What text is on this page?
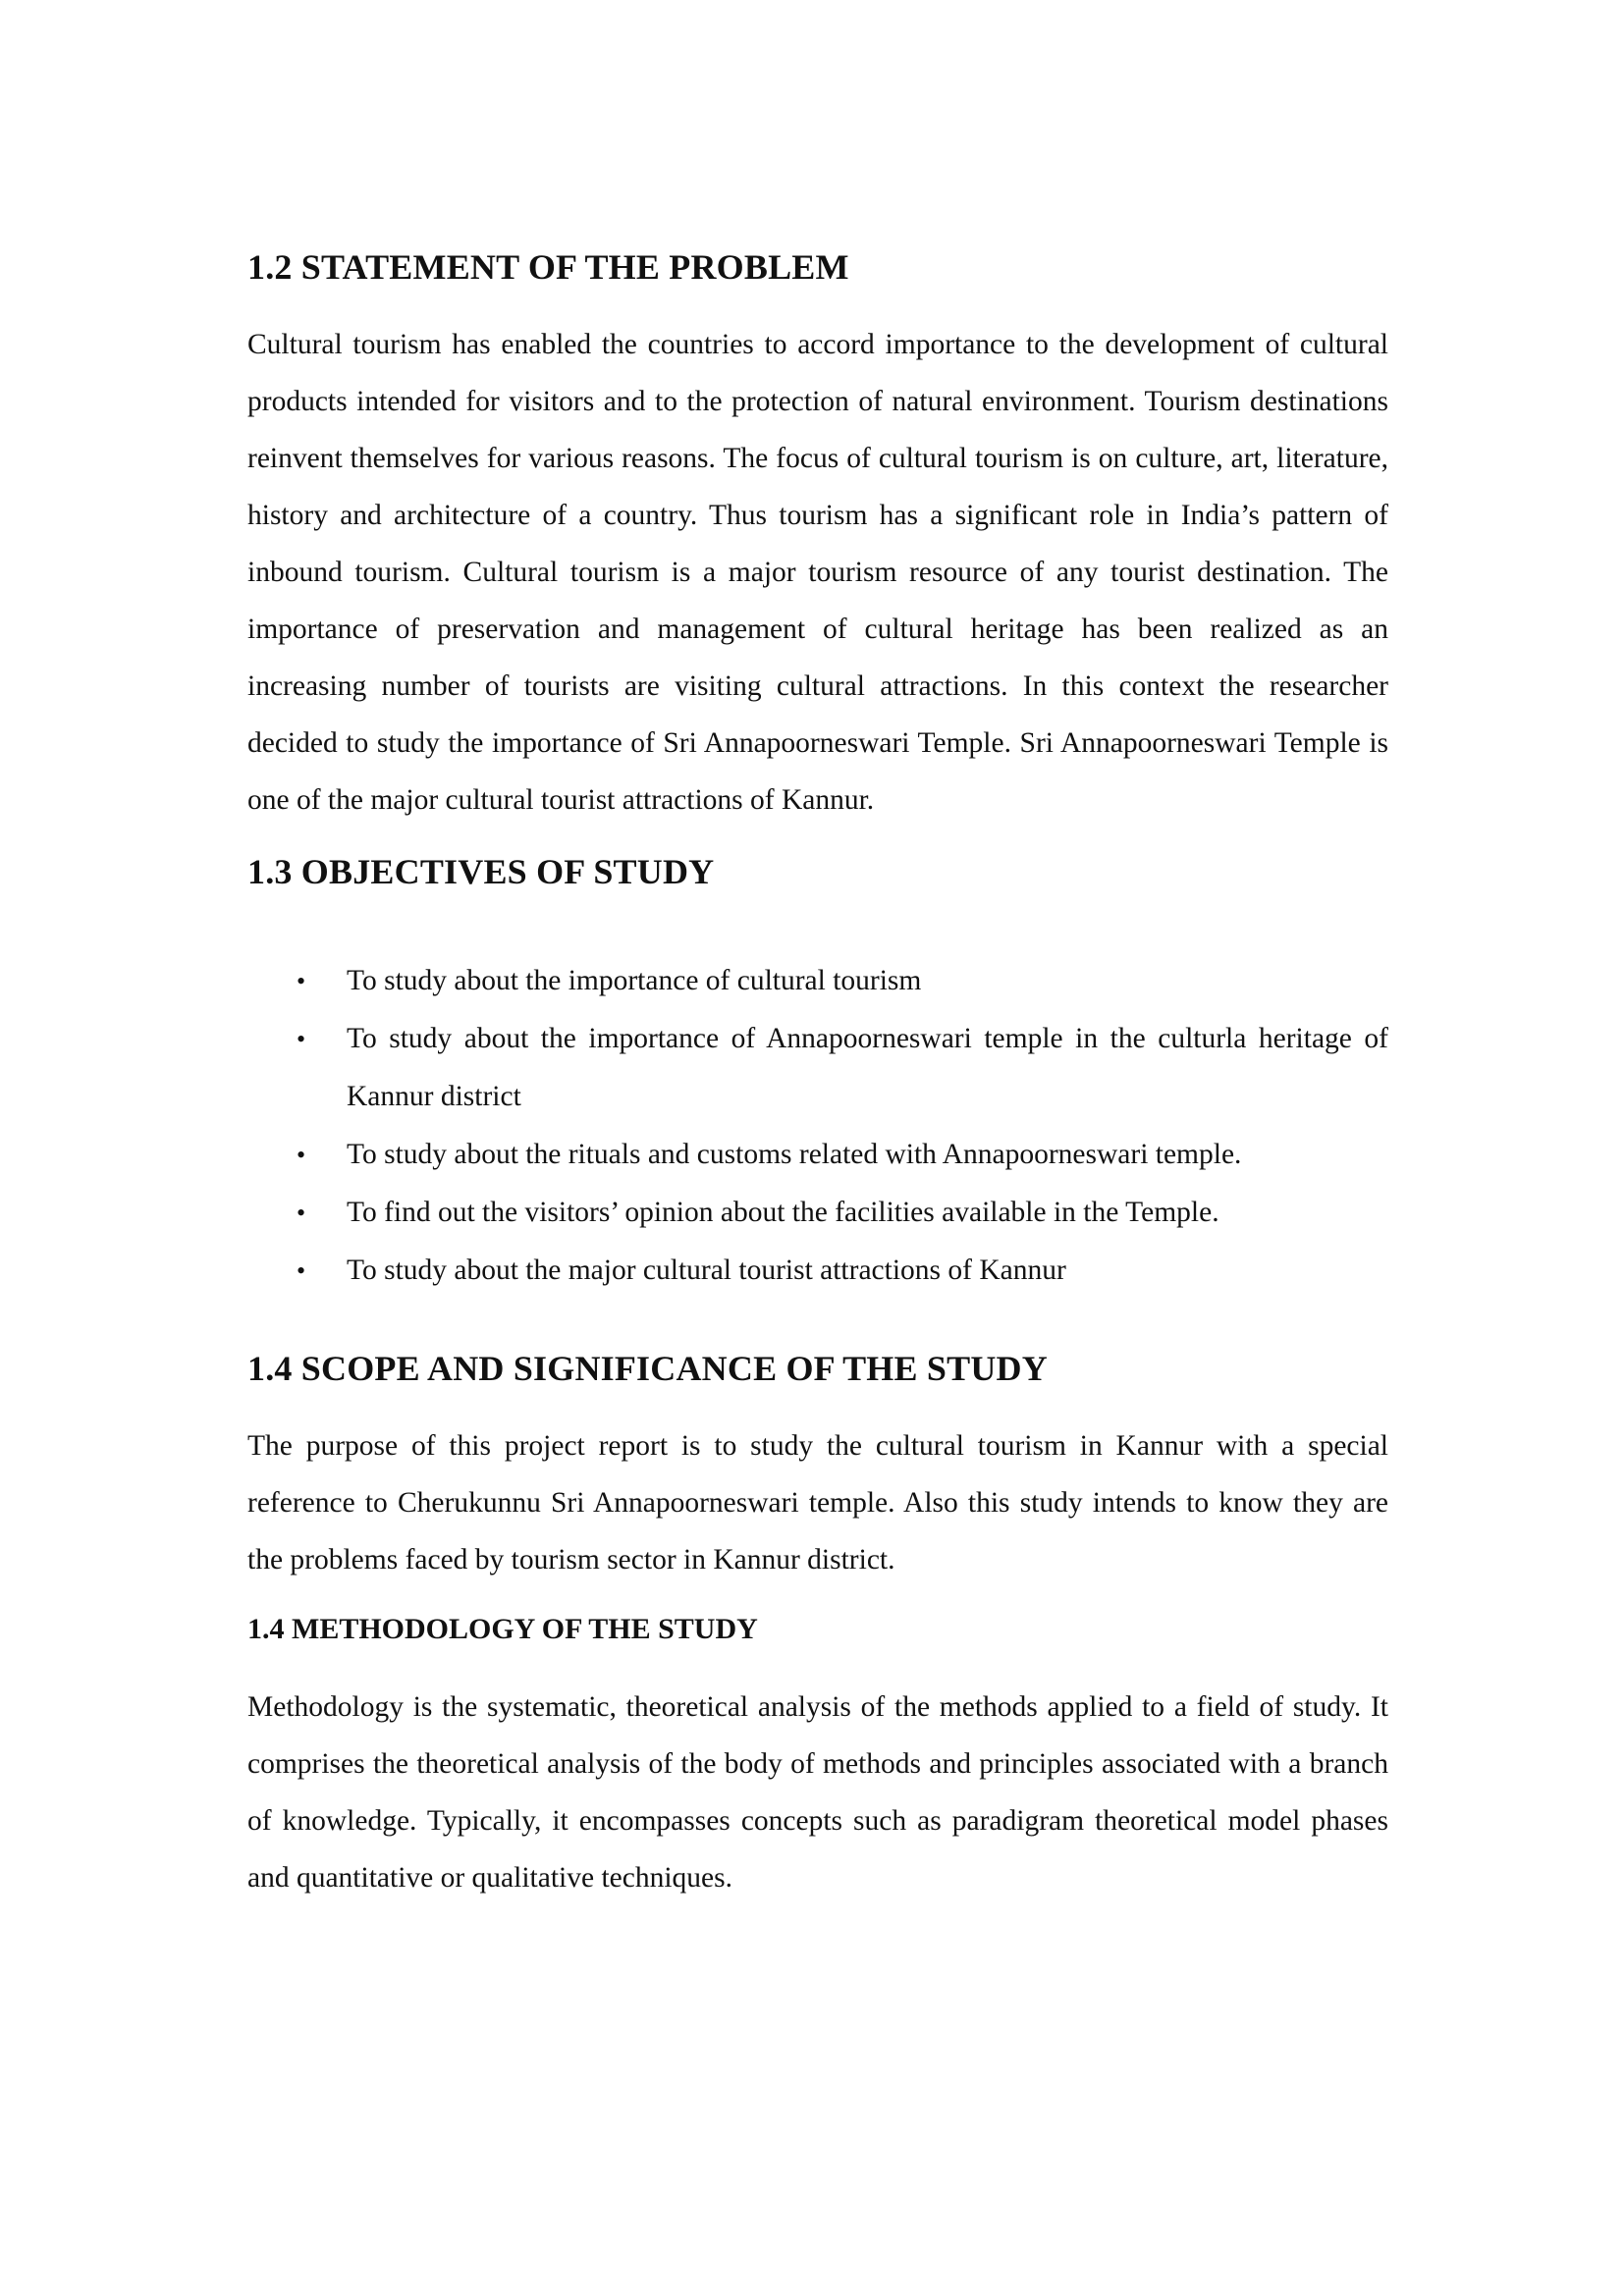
1.2 STATEMENT OF THE PROBLEM

Cultural tourism has enabled the countries to accord importance to the development of cultural products intended for visitors and to the protection of natural environment. Tourism destinations reinvent themselves for various reasons. The focus of cultural tourism is on culture, art, literature, history and architecture of a country. Thus tourism has a significant role in India’s pattern of inbound tourism. Cultural tourism is a major tourism resource of any tourist destination. The importance of preservation and management of cultural heritage has been realized as an increasing number of tourists are visiting cultural attractions. In this context the researcher decided to study the importance of Sri Annapoorneswari Temple. Sri Annapoorneswari Temple is one of the major cultural tourist attractions of Kannur.

1.3 OBJECTIVES OF STUDY
• To study about the importance of cultural tourism
• To study about the importance of Annapoorneswari temple in the culturla heritage of Kannur district
• To study about the rituals and customs related with Annapoorneswari temple.
• To find out the visitors’ opinion about the facilities available in the Temple.
• To study about the major cultural tourist attractions of Kannur
1.4 SCOPE AND SIGNIFICANCE OF THE STUDY

The purpose of this project report is to study the cultural tourism in Kannur with a special reference to Cherukunnu Sri Annapoorneswari temple. Also this study intends to know they are the problems faced by tourism sector in Kannur district.

1.4 METHODOLOGY OF THE STUDY

Methodology is the systematic, theoretical analysis of the methods applied to a field of study. It comprises the theoretical analysis of the body of methods and principles associated with a branch of knowledge. Typically, it encompasses concepts such as paradigram theoretical model phases and quantitative or qualitative techniques.
